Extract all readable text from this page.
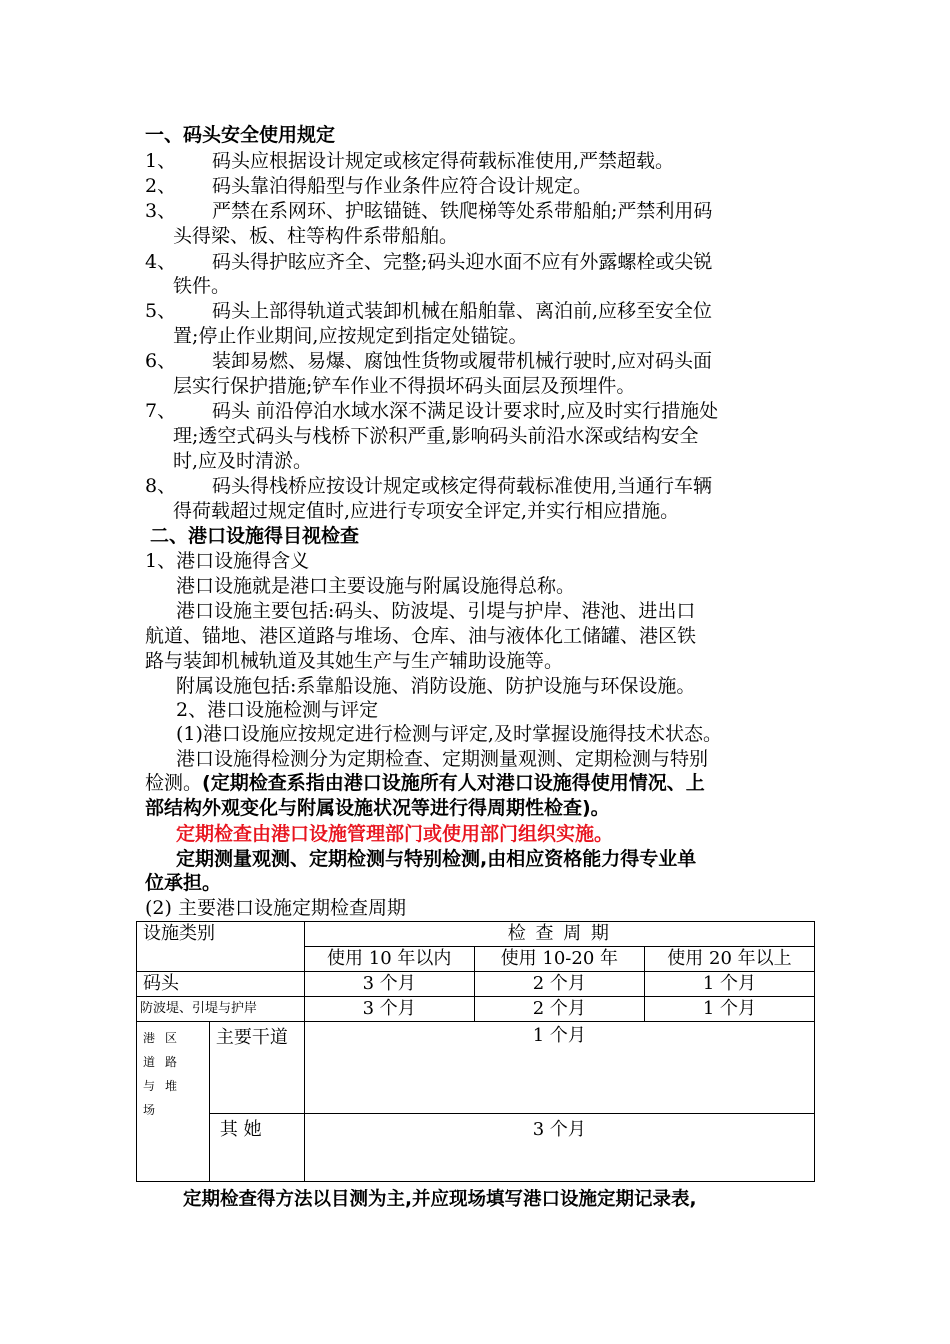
一、码头安全使用规定
1、	码头应根据设计规定或核定得荷载标准使用,严禁超载。
2、	码头靠泊得船型与作业条件应符合设计规定。
3、	严禁在系网环、护眩锚链、铁爬梯等处系带船舶;严禁利用码
头得梁、板、柱等构件系带船舶。
4、	码头得护眩应齐全、完整;码头迎水面不应有外露螺栓或尖锐
铁件。
5、	码头上部得轨道式装卸机械在船舶靠、离泊前,应移至安全位
置;停止作业期间,应按规定到指定处锚锭。
6、	装卸易燃、易爆、腐蚀性货物或履带机械行驶时,应对码头面
层实行保护措施;铲车作业不得损坏码头面层及预埋件。
7、	码头 前沿停泊水域水深不满足设计要求时,应及时实行措施处
理;透空式码头与栈桥下淤积严重,影响码头前沿水深或结构安全
时,应及时清淤。
8、	码头得栈桥应按设计规定或核定得荷载标准使用,当通行车辆
得荷载超过规定值时,应进行专项安全评定,并实行相应措施。
二、港口设施得目视检查
1、港口设施得含义
港口设施就是港口主要设施与附属设施得总称。
港口设施主要包括:码头、防波堤、引堤与护岸、港池、进出口
航道、锚地、港区道路与堆场、仓库、油与液体化工储罐、港区铁
路与装卸机械轨道及其她生产与生产辅助设施等。
附属设施包括:系靠船设施、消防设施、防护设施与环保设施。
2、港口设施检测与评定
(1)港口设施应按规定进行检测与评定,及时掌握设施得技术状态。
港口设施得检测分为定期检查、定期测量观测、定期检测与特别
检测。(定期检查系指由港口设施所有人对港口设施得使用情况、上
部结构外观变化与附属设施状况等进行得周期性检查)。
定期检查由港口设施管理部门或使用部门组织实施。
定期测量观测、定期检测与特别检测,由相应资格能力得专业单
位承担。
(2) 主要港口设施定期检查周期
设施类别		检 查 周 期		
		使用 10 年以内	使用 10-20 年	使用 20 年以上
码头		3 个月	2 个月	1 个月
防波堤、引堤与护岸		3 个月	2 个月	1 个月
港区道路与堆场	主要干道	1 个月		
	其 她	3 个月		
定期检查得方法以目测为主,并应现场填写港口设施定期记录表,
